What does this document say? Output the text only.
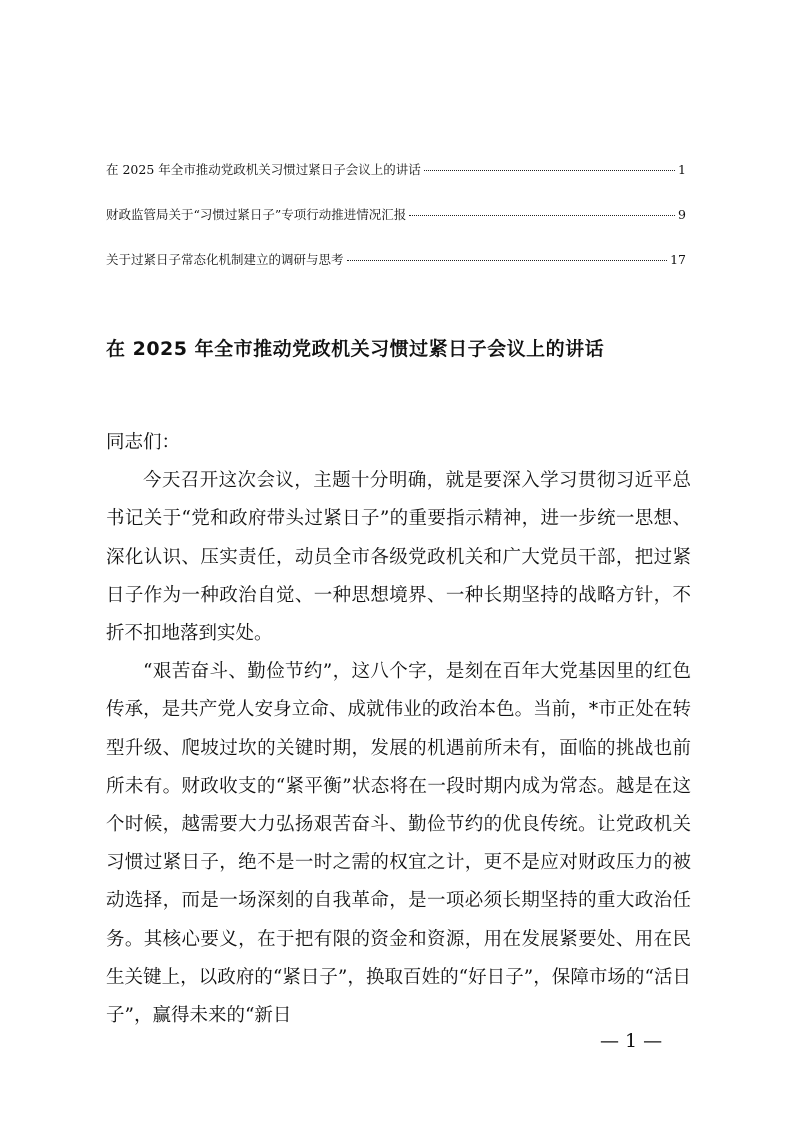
在 2025 年全市推动党政机关习惯过紧日子会议上的讲话	1
财政监管局关于“习惯过紧日子”专项行动推进情况汇报	9
关于过紧日子常态化机制建立的调研与思考	17
在 2025 年全市推动党政机关习惯过紧日子会议上的讲话

同志们：

今天召开这次会议，主题十分明确，就是要深入学习贯彻习近平总书记关于“党和政府带头过紧日子”的重要指示精神，进一步统一思想、深化认识、压实责任，动员全市各级党政机关和广大党员干部，把过紧日子作为一种政治自觉、一种思想境界、一种长期坚持的战略方针，不折不扣地落到实处。

“艰苦奋斗、勤俭节约”，这八个字，是刻在百年大党基因里的红色传承，是共产党人安身立命、成就伟业的政治本色。当前，*市正处在转型升级、爬坡过坎的关键时期，发展的机遇前所未有，面临的挑战也前所未有。财政收支的“紧平衡”状态将在一段时期内成为常态。越是在这个时候，越需要大力弘扬艰苦奋斗、勤俭节约的优良传统。让党政机关习惯过紧日子，绝不是一时之需的权宜之计，更不是应对财政压力的被动选择，而是一场深刻的自我革命，是一项必须长期坚持的重大政治任务。其核心要义，在于把有限的资金和资源，用在发展紧要处、用在民生关键上，以政府的“紧日子”，换取百姓的“好日子”，保障市场的“活日子”，赢得未来的“新日

— 1 —
